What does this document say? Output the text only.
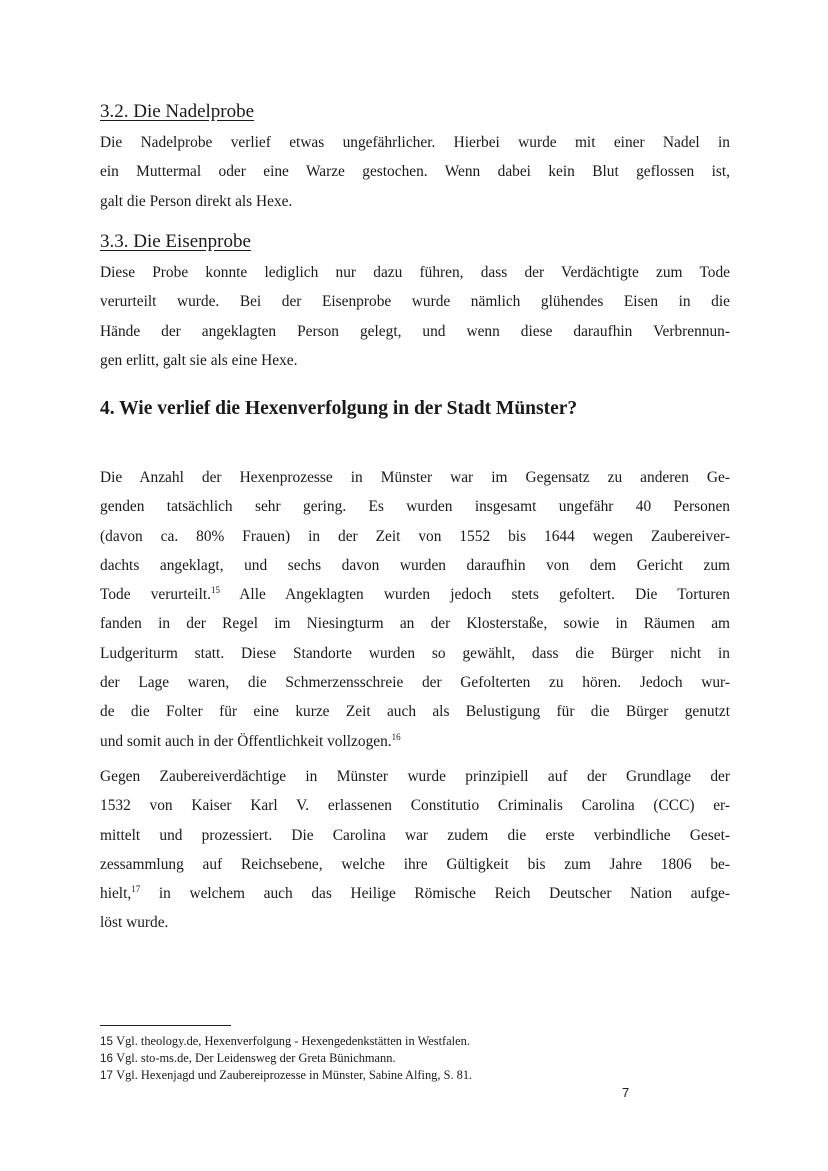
3.2. Die Nadelprobe
Die Nadelprobe verlief etwas ungefährlicher. Hierbei wurde mit einer Nadel in
ein Muttermal oder eine Warze gestochen. Wenn dabei kein Blut geflossen ist,
galt die Person direkt als Hexe.
3.3. Die Eisenprobe
Diese Probe konnte lediglich nur dazu führen, dass der Verdächtigte zum Tode
verurteilt wurde. Bei der Eisenprobe wurde nämlich glühendes Eisen in die
Hände der angeklagten Person gelegt, und wenn diese daraufhin Verbrennun-
gen erlitt, galt sie als eine Hexe.
4. Wie verlief die Hexenverfolgung in der Stadt Münster?
Die Anzahl der Hexenprozesse in Münster war im Gegensatz zu anderen Ge-
genden tatsächlich sehr gering. Es wurden insgesamt ungefähr 40 Personen
(davon ca. 80% Frauen) in der Zeit von 1552 bis 1644 wegen Zaubereiver-
dachts angeklagt, und sechs davon wurden daraufhin von dem Gericht zum
Tode verurteilt.$^{15}$ Alle Angeklagten wurden jedoch stets gefoltert. Die Torturen
fanden in der Regel im Niesingturm an der Klosterstaße, sowie in Räumen am
Ludgeriturm statt. Diese Standorte wurden so gewählt, dass die Bürger nicht in
der Lage waren, die Schmerzensschreie der Gefolterten zu hören. Jedoch wur-
de die Folter für eine kurze Zeit auch als Belustigung für die Bürger genutzt
und somit auch in der Öffentlichkeit vollzogen.$^{16}$
Gegen Zaubereiverdächtige in Münster wurde prinzipiell auf der Grundlage der
1532 von Kaiser Karl V. erlassenen Constitutio Criminalis Carolina (CCC) er-
mittelt und prozessiert. Die Carolina war zudem die erste verbindliche Geset-
zessammlung auf Reichsebene, welche ihre Gültigkeit bis zum Jahre 1806 be-
hielt,$^{17}$ in welchem auch das Heilige Römische Reich Deutscher Nation aufge-
löst wurde.
15 Vgl. theology.de, Hexenverfolgung - Hexengedenkstätten in Westfalen.
16 Vgl. sto-ms.de, Der Leidensweg der Greta Bünichmann.
17 Vgl. Hexenjagd und Zaubereiprozesse in Münster, Sabine Alfing, S. 81.
7
